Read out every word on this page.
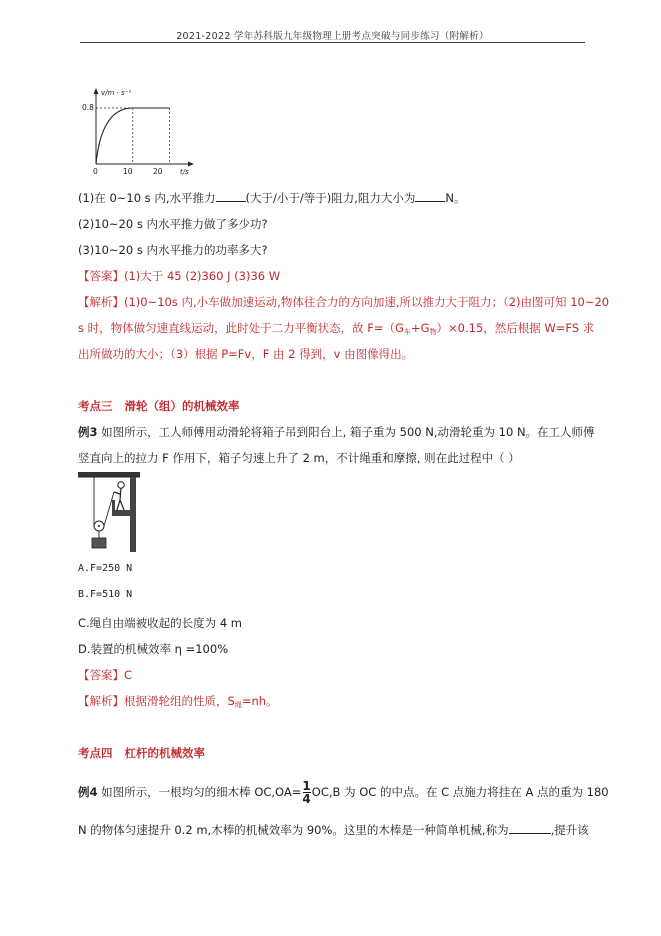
2021-2022 学年苏科版九年级物理上册考点突破与同步练习（附解析）
v/m · s⁻¹
t/s
0.8
0	10	20
(1)在 0~10 s 内,水平推力	(大于/小于/等于)阻力,阻力大小为	N。
(2)10~20 s 内水平推力做了多少功?
(3)10~20 s 内水平推力的功率多大?
【答案】(1)大于 45 (2)360 J (3)36 W
【解析】(1)0~10s 内,小车做加速运动,物体往合力的方向加速,所以推力大于阻力；（2)由图可知 10~20
s 时，物体做匀速直线运动，此时处于二力平衡状态，故 $F=(G_车+G_物)\times 0.15$，然后根据 W=FS 求
出所做功的大小；（3）根据 P=Fv，F 由 2 得到，v 由图像得出。
考点三 滑轮（组）的机械效率
例3 如图所示，工人师傅用动滑轮将箱子吊到阳台上, 箱子重为 500 N,动滑轮重为 10 N。在工人师傅
竖直向上的拉力 F 作用下，箱子匀速上升了 2 m，不计绳重和摩擦, 则在此过程中（ ）
A.F=250 N
B.F=510 N
C.绳自由端被收起的长度为 4 m
D.装置的机械效率 η =100%
【答案】C
【解析】根据滑轮组的性质，$S_绳=nh$。
考点四 杠杆的机械效率
例4 如图所示，一根均匀的细木棒 $OC,OA= \frac{1}{4} OC,B$ 为 OC 的中点。在 C 点施力将挂在 A 点的重为 180
N 的物体匀速提升 0.2 m,木棒的机械效率为 90%。这里的木棒是一种简单机械,称为	,提升该
